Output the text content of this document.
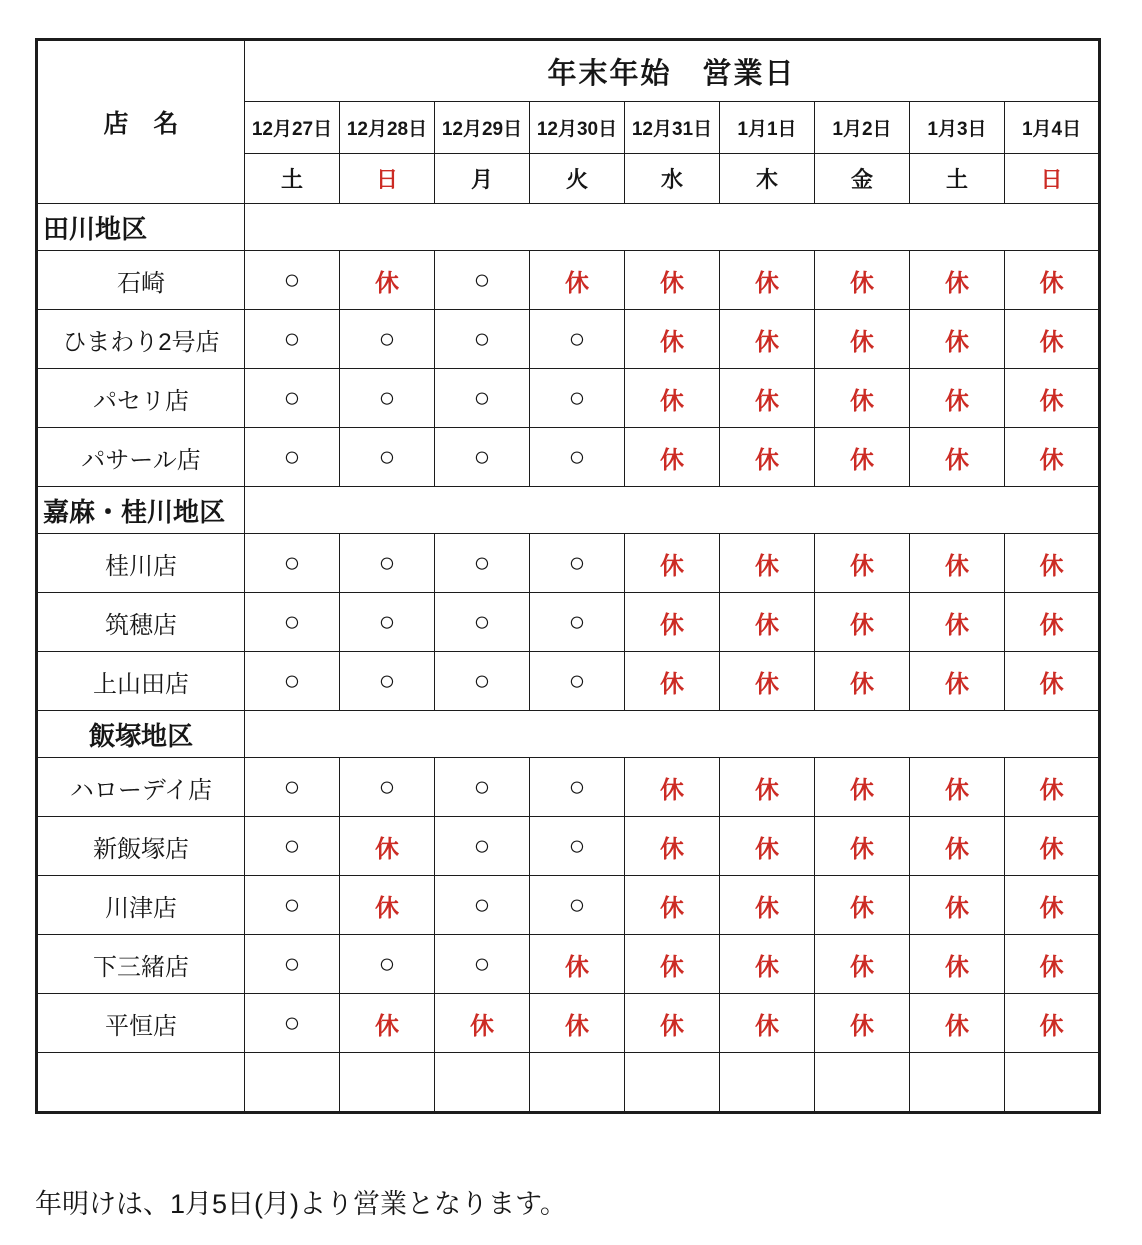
店　名	年末年始　営業日								
	12月27日	12月28日	12月29日	12月30日	12月31日	1月1日	1月2日	1月3日	1月4日
	土	日	月	火	水	木	金	土	日
田川地区									
石崎	○	休	○	休	休	休	休	休	休
ひまわり2号店	○	○	○	○	休	休	休	休	休
パセリ店	○	○	○	○	休	休	休	休	休
パサール店	○	○	○	○	休	休	休	休	休
嘉麻・桂川地区									
桂川店	○	○	○	○	休	休	休	休	休
筑穂店	○	○	○	○	休	休	休	休	休
上山田店	○	○	○	○	休	休	休	休	休
飯塚地区									
ハローデイ店	○	○	○	○	休	休	休	休	休
新飯塚店	○	休	○	○	休	休	休	休	休
川津店	○	休	○	○	休	休	休	休	休
下三緒店	○	○	○	休	休	休	休	休	休
平恒店	○	休	休	休	休	休	休	休	休

年明けは、1月5日(月)より営業となります。
